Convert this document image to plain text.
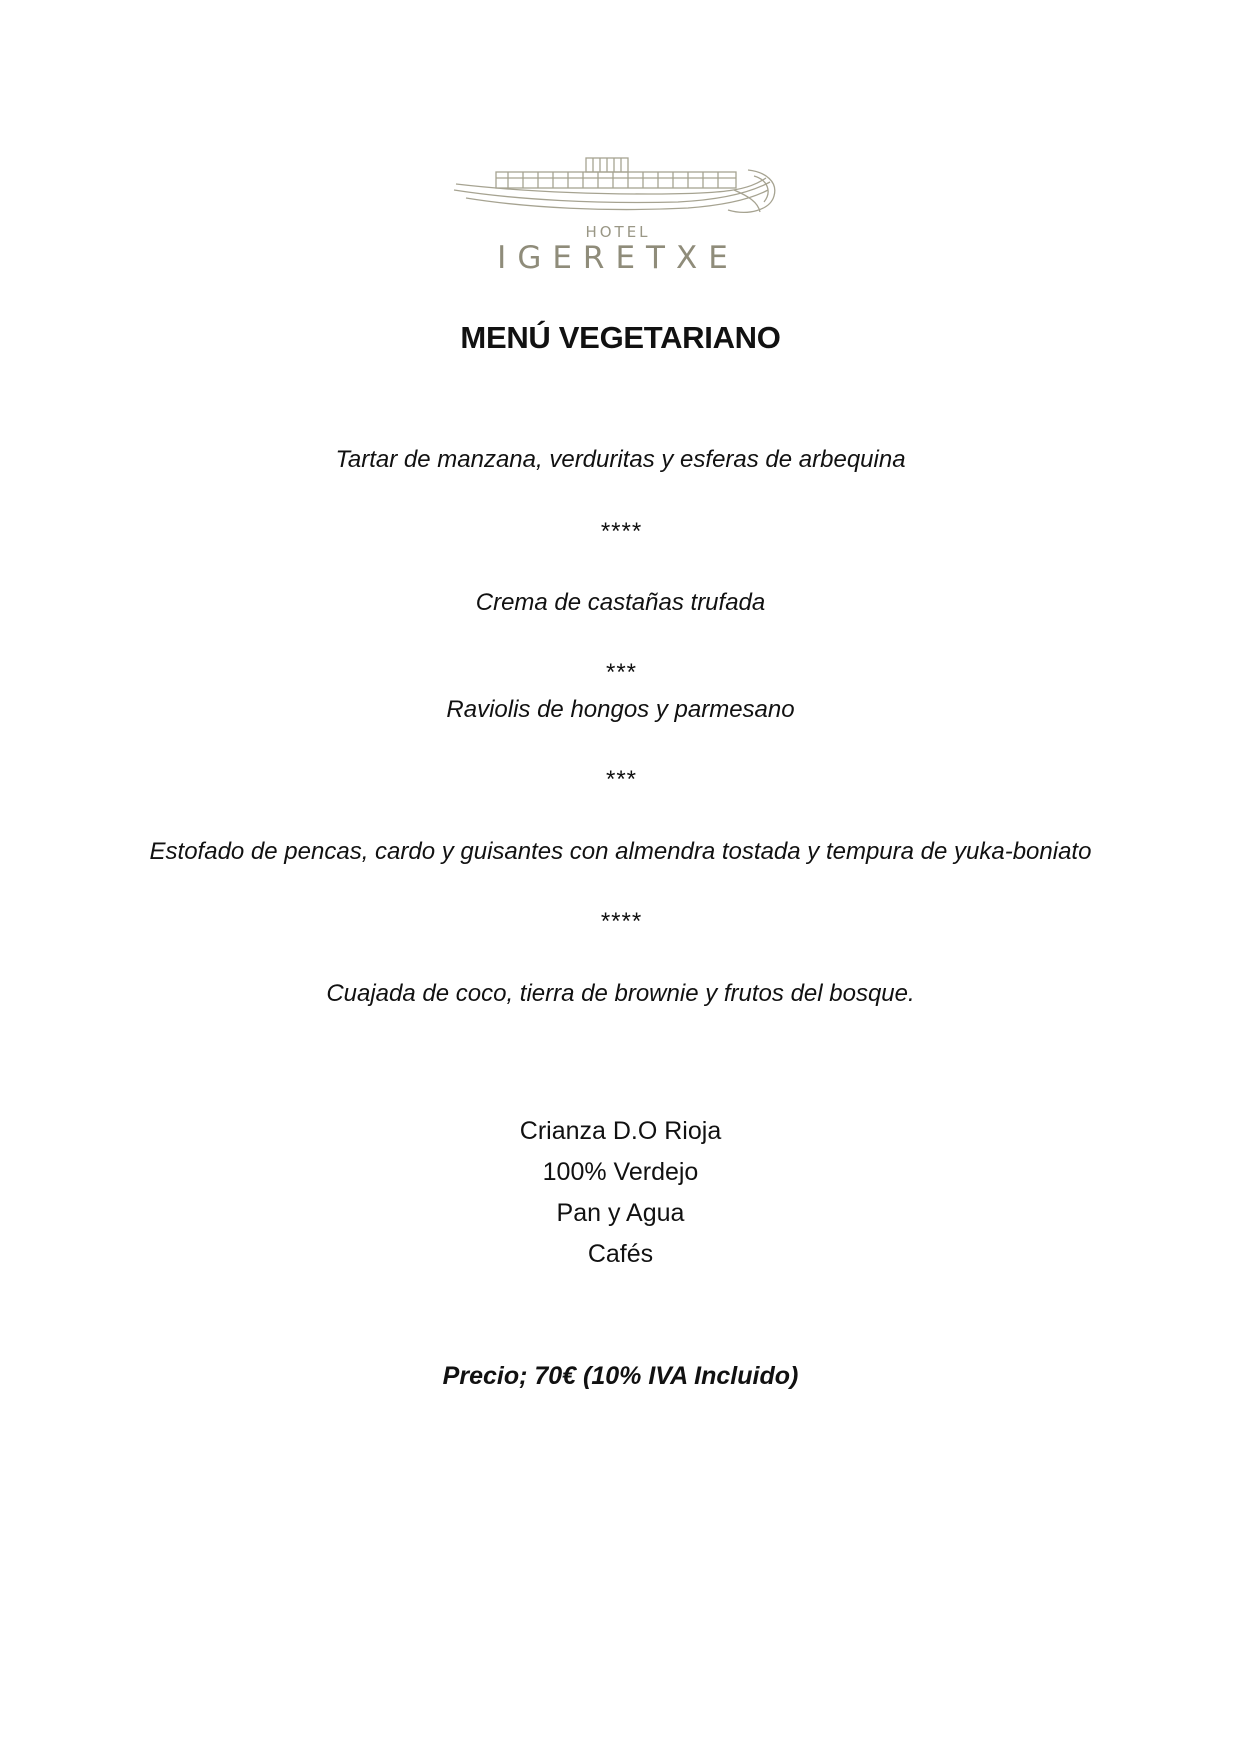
HOTEL
IGERETXE
MENÚ VEGETARIANO
Tartar de manzana, verduritas y esferas de arbequina
****
Crema de castañas trufada
***
Raviolis de hongos y parmesano
***
Estofado de pencas, cardo y guisantes con almendra tostada y tempura de yuka-boniato
****
Cuajada de coco, tierra de brownie y frutos del bosque.
Crianza D.O Rioja
100% Verdejo
Pan y Agua
Cafés
Precio; 70€ (10% IVA Incluido)
